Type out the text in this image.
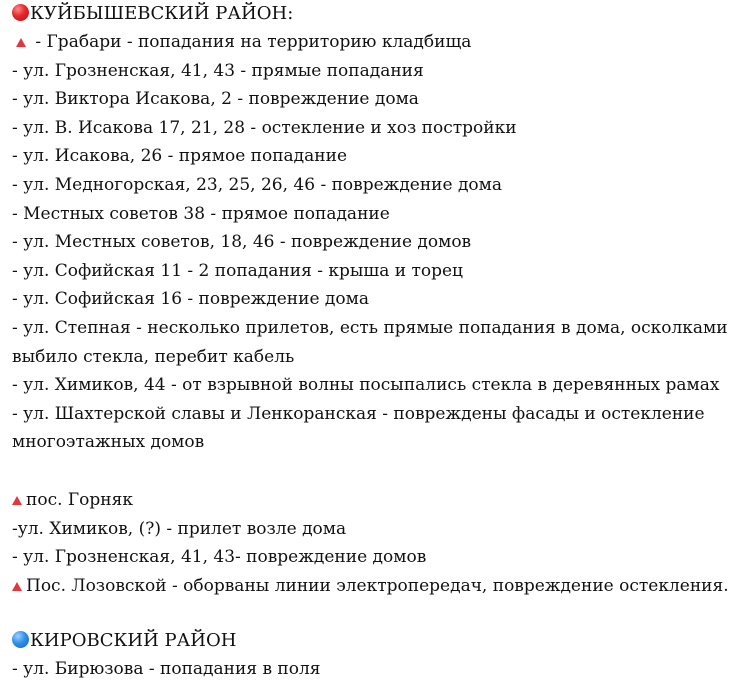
КУЙБЫШЕВСКИЙ РАЙОН:
- Грабари - попадания на территорию кладбища
- ул. Грозненская, 41, 43 - прямые попадания
- ул. Виктора Исакова, 2 - повреждение дома
- ул. В. Исакова 17, 21, 28 - остекление и хоз постройки
- ул. Исакова, 26 - прямое попадание
- ул. Медногорская, 23, 25, 26, 46 - повреждение дома
- Местных советов 38 - прямое попадание
- ул. Местных советов, 18, 46 - повреждение домов
- ул. Софийская 11 - 2 попадания - крыша и торец
- ул. Софийская 16 - повреждение дома
- ул. Степная - несколько прилетов, есть прямые попадания в дома, осколками выбило стекла, перебит кабель
- ул. Химиков, 44 - от взрывной волны посыпались стекла в деревянных рамах
- ул. Шахтерской славы и Ленкоранская - повреждены фасады и остекление многоэтажных домов
пос. Горняк
-ул. Химиков, (?) - прилет возле дома
- ул. Грозненская, 41, 43- повреждение домов
Пос. Лозовской - оборваны линии электропередач, повреждение остекления.
КИРОВСКИЙ РАЙОН
- ул. Бирюзова - попадания в поля
